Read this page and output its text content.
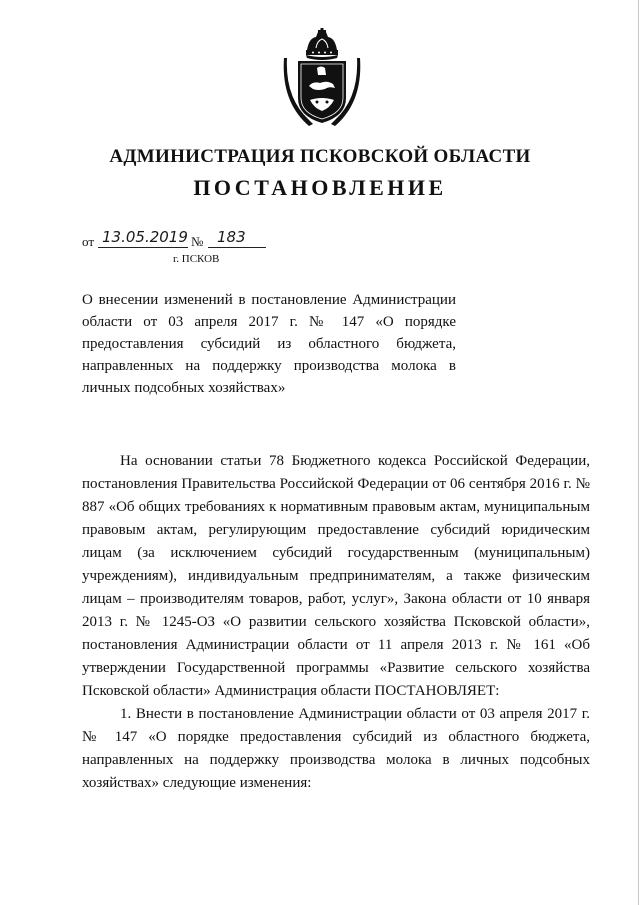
АДМИНИСТРАЦИЯ ПСКОВСКОЙ ОБЛАСТИ
ПОСТАНОВЛЕНИЕ
от 13.05.2019 № 183
г. ПСКОВ
О внесении изменений в постановление Администрации области от 03 апреля 2017 г. № 147 «О порядке предоставления субсидий из областного бюджета, направленных на поддержку производства молока в личных подсобных хозяйствах»

На основании статьи 78 Бюджетного кодекса Российской Федерации, постановления Правительства Российской Федерации от 06 сентября 2016 г. № 887 «Об общих требованиях к нормативным правовым актам, муниципальным правовым актам, регулирующим предоставление субсидий юридическим лицам (за исключением субсидий государственным (муниципальным) учреждениям), индивидуальным предпринимателям, а также физическим лицам – производителям товаров, работ, услуг», Закона области от 10 января 2013 г. № 1245-ОЗ «О развитии сельского хозяйства Псковской области», постановления Администрации области от 11 апреля 2013 г. № 161 «Об утверждении Государственной программы «Развитие сельского хозяйства Псковской области» Администрация области ПОСТАНОВЛЯЕТ:

1. Внести в постановление Администрации области от 03 апреля 2017 г. № 147 «О порядке предоставления субсидий из областного бюджета, направленных на поддержку производства молока в личных подсобных хозяйствах» следующие изменения:
